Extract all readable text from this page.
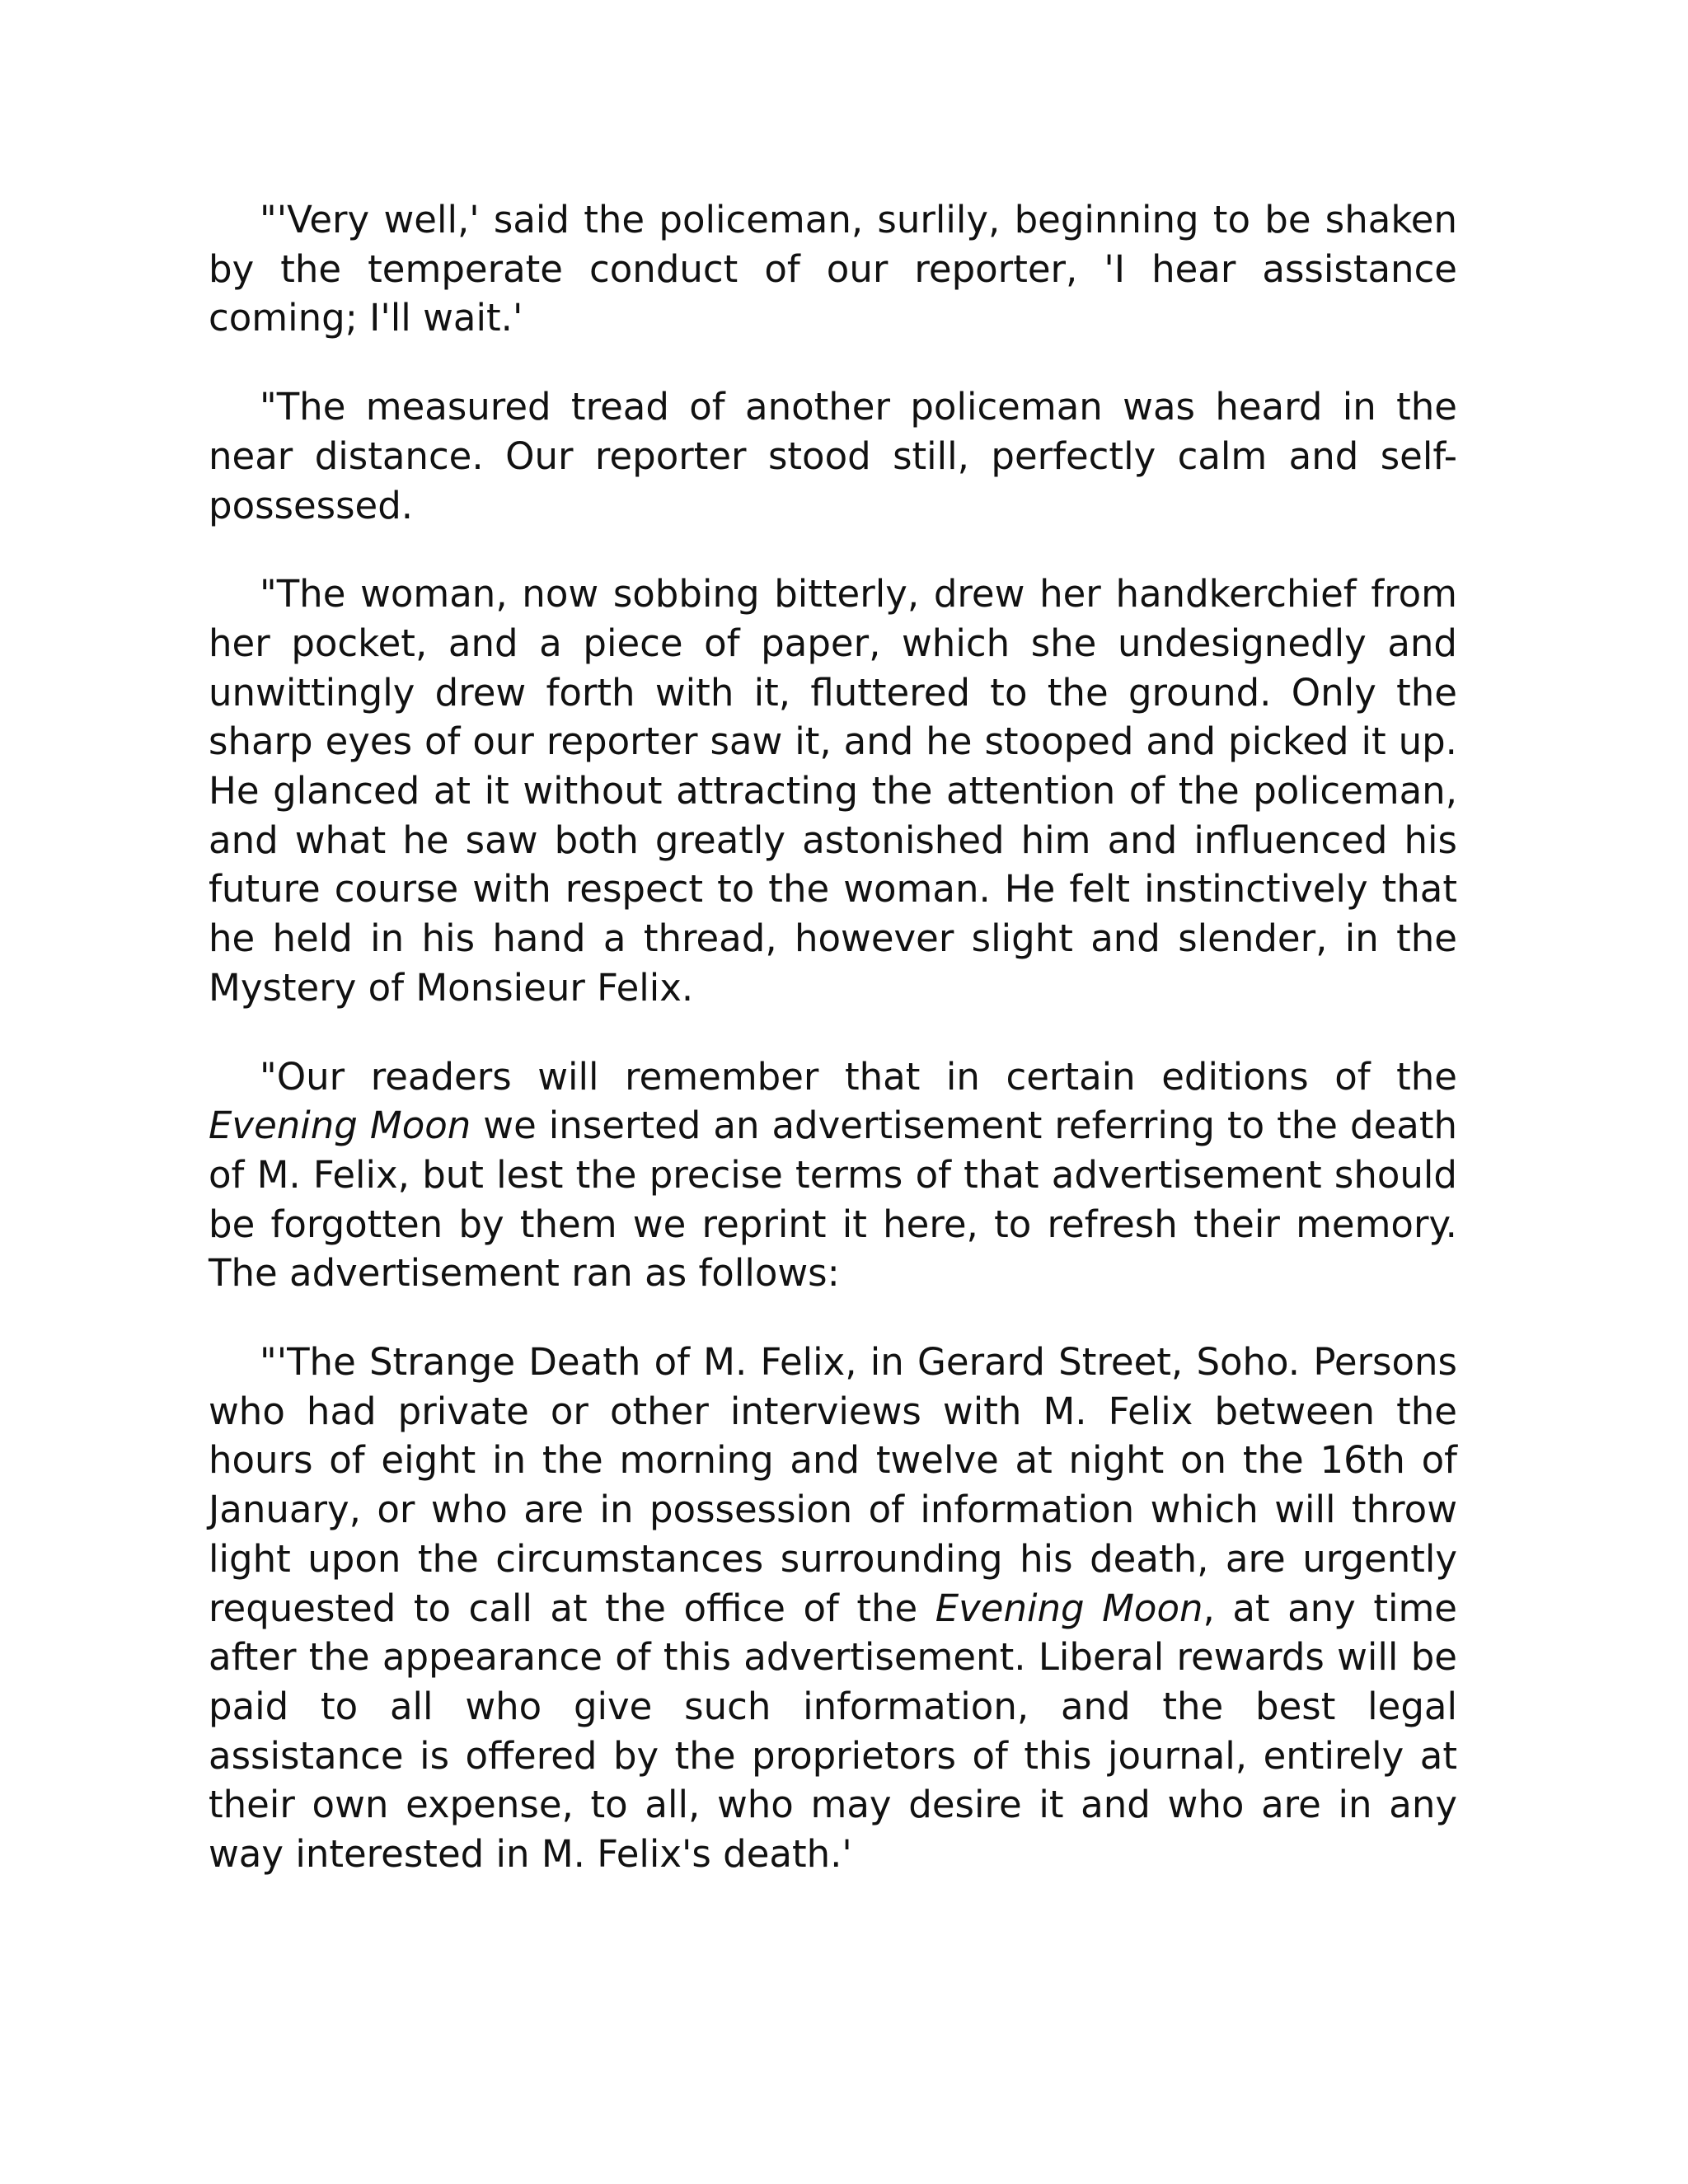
"'Very well,' said the policeman, surlily, beginning to be shaken by the temperate conduct of our reporter, 'I hear assistance coming; I'll wait.'

"The measured tread of another policeman was heard in the near distance. Our reporter stood still, perfectly calm and self-possessed.

"The woman, now sobbing bitterly, drew her handkerchief from her pocket, and a piece of paper, which she undesignedly and unwittingly drew forth with it, fluttered to the ground. Only the sharp eyes of our reporter saw it, and he stooped and picked it up. He glanced at it without attracting the attention of the policeman, and what he saw both greatly astonished him and influenced his future course with respect to the woman. He felt instinctively that he held in his hand a thread, however slight and slender, in the Mystery of Monsieur Felix.

"Our readers will remember that in certain editions of the Evening Moon we inserted an advertisement referring to the death of M. Felix, but lest the precise terms of that advertisement should be forgotten by them we reprint it here, to refresh their memory. The advertisement ran as follows:

"'The Strange Death of M. Felix, in Gerard Street, Soho. Persons who had private or other interviews with M. Felix between the hours of eight in the morning and twelve at night on the 16th of January, or who are in possession of information which will throw light upon the circumstances surrounding his death, are urgently requested to call at the office of the Evening Moon, at any time after the appearance of this advertisement. Liberal rewards will be paid to all who give such information, and the best legal assistance is offered by the proprietors of this journal, entirely at their own expense, to all, who may desire it and who are in any way interested in M. Felix's death.'
